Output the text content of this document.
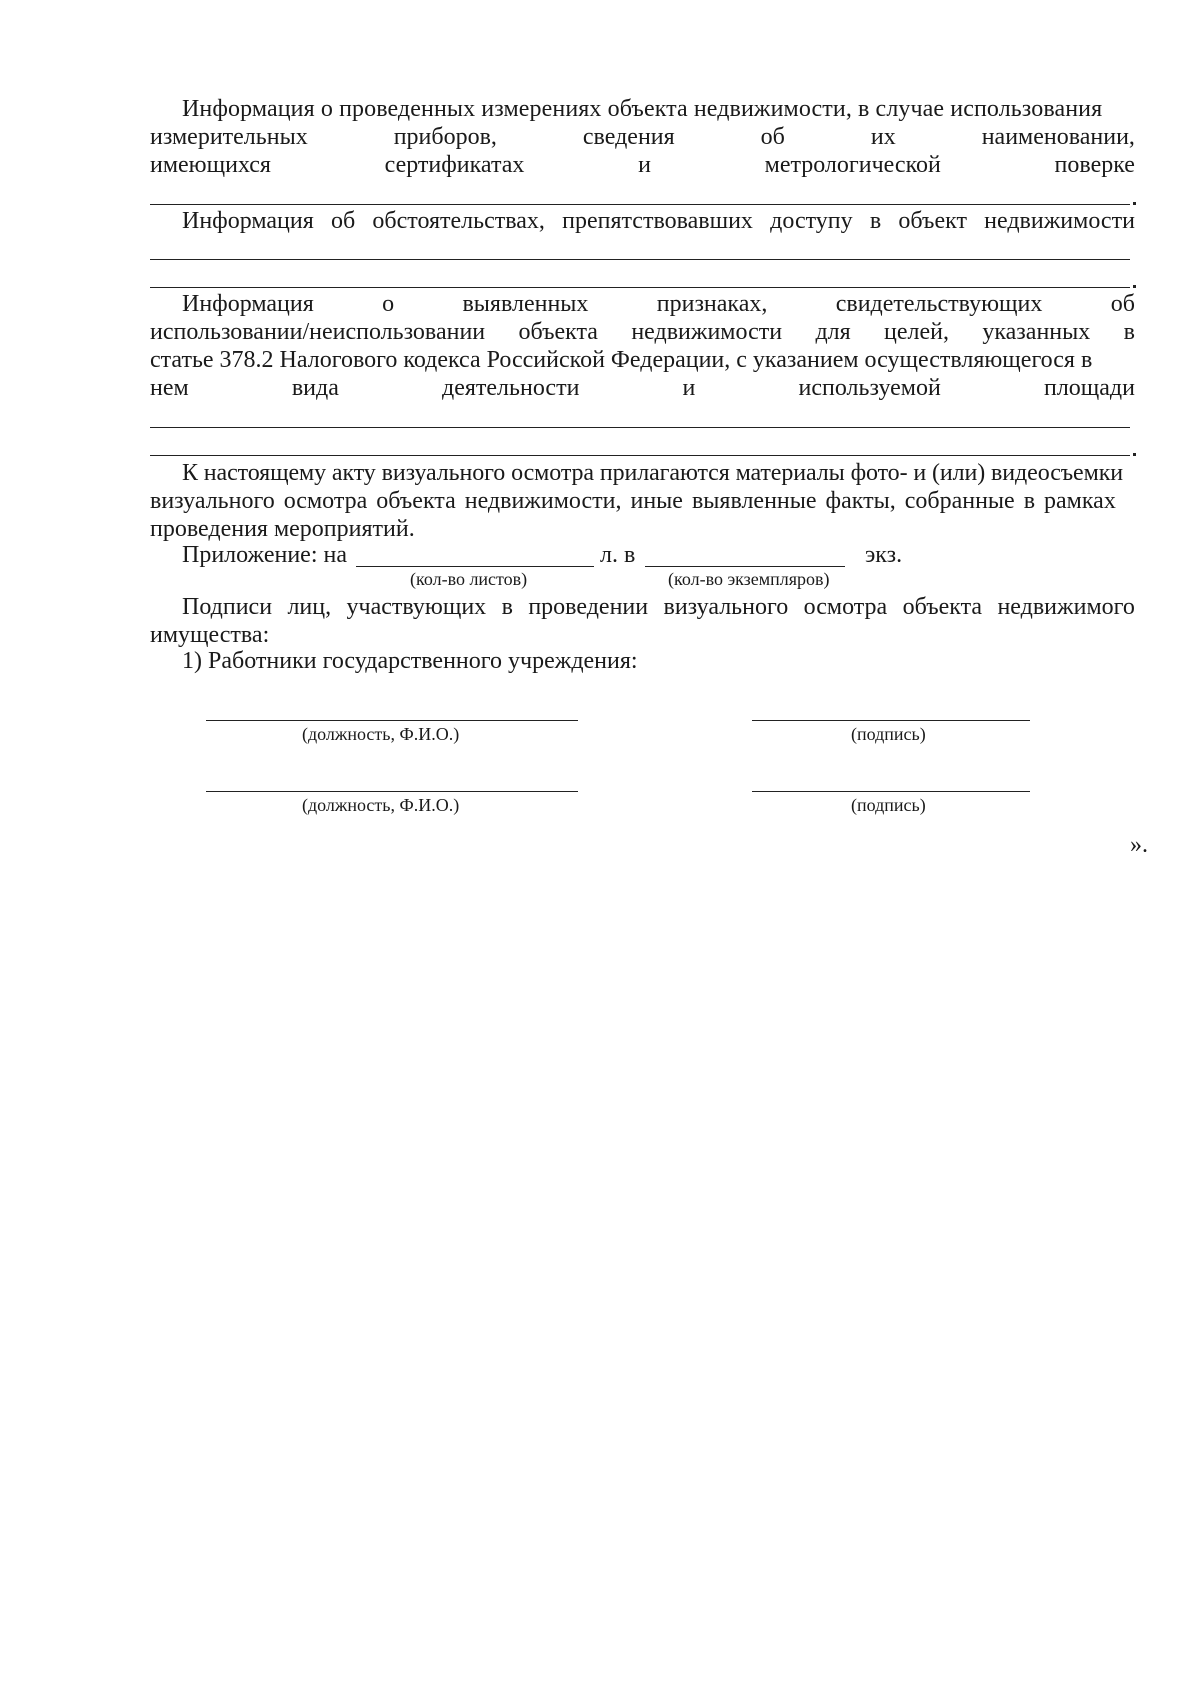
Информация о проведенных измерениях объекта недвижимости, в случае использования
измерительных	приборов,	сведения	об	их	наименовании,
имеющихся	сертификатах	и	метрологической	поверке
Информация об обстоятельствах, препятствовавших доступу в объект недвижимости
Информация	о	выявленных	признаках,	свидетельствующих	об
использовании/неиспользовании объекта недвижимости для целей, указанных в
статье 378.2 Налогового кодекса Российской Федерации, с указанием осуществляющегося в
нем	вида	деятельности	и	используемой	площади
К настоящему акту визуального осмотра прилагаются материалы фото- и (или) видеосъемки
визуального осмотра объекта недвижимости, иные выявленные факты, собранные в рамках
проведения мероприятий.
Приложение: на	л. в	экз.
(кол-во листов)	(кол-во экземпляров)
Подписи лиц, участвующих в проведении визуального осмотра объекта недвижимого
имущества:
1) Работники государственного учреждения:
(должность, Ф.И.О.)	(подпись)
(должность, Ф.И.О.)	(подпись)
».
